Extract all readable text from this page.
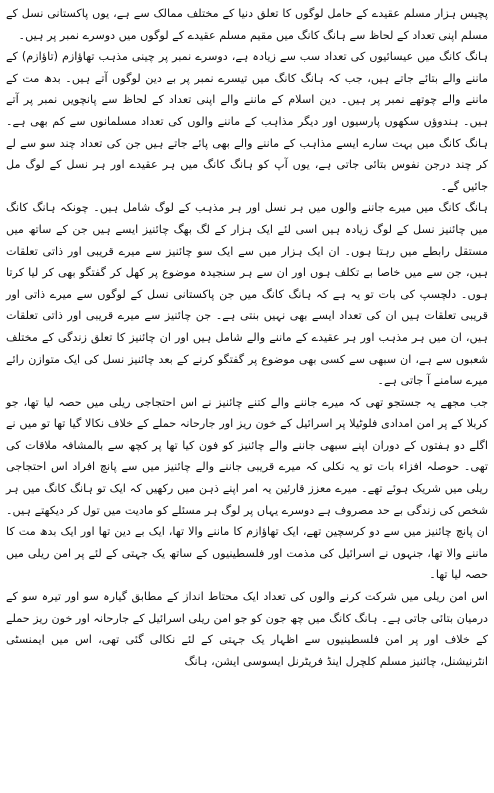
پچیس ہزار مسلم عقیدے کے حامل لوگوں کا تعلق دنیا کے مختلف ممالک سے ہے، یوں پاکستانی نسل کے مسلم اپنی تعداد کے لحاظ سے ہانگ کانگ میں مقیم مسلم عقیدے کے لوگوں میں دوسرے نمبر پر ہیں۔

ہانگ کانگ میں عیسائیوں کی تعداد سب سے زیادہ ہے، دوسرے نمبر پر چینی مذہب تھاؤازم (تاؤازم) کے ماننے والے بتائے جاتے ہیں، جب کہ ہانگ کانگ میں تیسرے نمبر پر بے دین لوگوں آتے ہیں۔ بدھ مت کے ماننے والے چوتھے نمبر پر ہیں۔ دین اسلام کے ماننے والے اپنی تعداد کے لحاظ سے پانچویں نمبر پر آتے ہیں۔ ہندوؤں سکھوں پارسیوں اور دیگر مذاہب کے ماننے والوں کی تعداد مسلمانوں سے کم بھی ہے۔ ہانگ کانگ میں بہت سارے ایسے مذاہب کے ماننے والے بھی پائے جاتے ہیں جن کی تعداد چند سو سے لے کر چند درجن نفوس بتائی جاتی ہے، یوں آپ کو ہانگ کانگ میں ہر عقیدے اور ہر نسل کے لوگ مل جائیں گے۔

ہانگ کانگ میں میرے جاننے والوں میں ہر نسل اور ہر مذہب کے لوگ شامل ہیں۔ چونکہ ہانگ کانگ میں چائنیز نسل کے لوگ زیادہ ہیں اسی لئے ایک ہزار کے لگ بھگ چائنیز ایسے ہیں جن کے ساتھ میں مستقل رابطے میں رہتا ہوں۔ ان ایک ہزار میں سے ایک سو چائنیز سے میرے قریبی اور ذاتی تعلقات ہیں، جن سے میں خاصا بے تکلف ہوں اور ان سے ہر سنجیدہ موضوع پر کھل کر گفتگو بھی کر لیا کرتا ہوں۔ دلچسپ کی بات تو یہ ہے کہ ہانگ کانگ میں جن پاکستانی نسل کے لوگوں سے میرے ذاتی اور قریبی تعلقات ہیں ان کی تعداد ایسے بھی نہیں بنتی ہے۔ جن چائنیز سے میرے قریبی اور ذاتی تعلقات ہیں، ان میں ہر مذہب اور ہر عقیدے کے ماننے والے شامل ہیں اور ان چائنیز کا تعلق زندگی کے مختلف شعبوں سے ہے، ان سبھی سے کسی بھی موضوع پر گفتگو کرنے کے بعد چائنیز نسل کی ایک متوازن رائے میرے سامنے آ جاتی ہے۔

جب مجھے یہ جستجو تھی کہ میرے جاننے والے کتنے چائنیز نے اس احتجاجی ریلی میں حصہ لیا تھا، جو کربلا کے پر امن امدادی فلوٹیلا پر اسرائیل کے خون ریز اور جارحانہ حملے کے خلاف نکالا گیا تھا تو میں نے اگلے دو ہفتوں کے دوران اپنے سبھی جاننے والے چائنیز کو فون کیا تھا پر کچھ سے بالمشافہ ملاقات کی تھی۔ حوصلہ افزاء بات تو یہ نکلی کہ میرے قریبی جاننے والے چائنیز میں سے پانچ افراد اس احتجاجی ریلی میں شریک ہوئے تھے۔ میرے معزز قارئین یہ امر اپنے ذہن میں رکھیں کہ ایک تو ہانگ کانگ میں ہر شخص کی زندگی بے حد مصروف ہے دوسرے یہاں پر لوگ ہر مسئلے کو مادیت میں تول کر دیکھتے ہیں۔ ان پانچ چائنیز میں سے دو کرسچین تھے، ایک تھاؤازم کا ماننے والا تھا، ایک بے دین تھا اور ایک بدھ مت کا ماننے والا تھا، جنہوں نے اسرائیل کی مذمت اور فلسطینیوں کے ساتھ یک جہتی کے لئے پر امن ریلی میں حصہ لیا تھا۔

اس امن ریلی میں شرکت کرنے والوں کی تعداد ایک محتاط انداز کے مطابق گیارہ سو اور تیرہ سو کے درمیان بتائی جاتی ہے۔ ہانگ کانگ میں چھ جون کو جو امن ریلی اسرائیل کے جارحانہ اور خون ریز حملے کے خلاف اور پر امن فلسطینیوں سے اظہار یک جہتی کے لئے نکالی گئی تھی، اس میں ایمنسٹی انٹرنیشنل، چائنیز مسلم کلچرل اینڈ فریٹرنل ایسوسی ایشن، ہانگ
